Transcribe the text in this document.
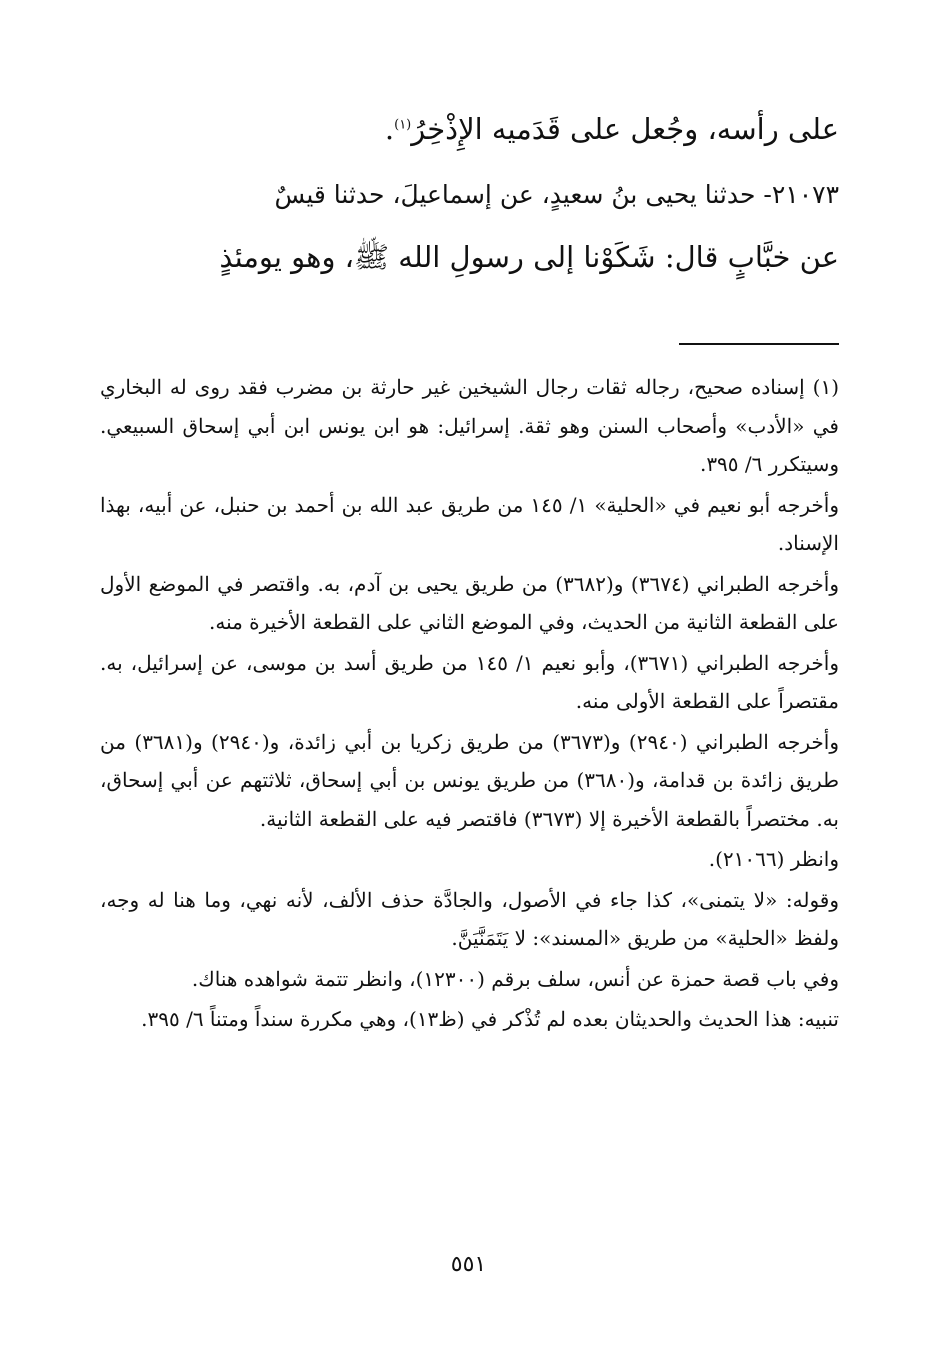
على رأسه، وجُعل على قَدَميه الإِذْخِرُ$^{(١)}$.
٢١٠٧٣- حدثنا يحيى بنُ سعيدٍ، عن إسماعيلَ، حدثنا قيسٌ
عن خبَّابٍ قال: شَكَوْنا إلى رسولِ الله ﷺ، وهو يومئذٍ

(١) إسناده صحيح، رجاله ثقات رجال الشيخين غير حارثة بن مضرب فقد روى له البخاري في «الأدب» وأصحاب السنن وهو ثقة. إسرائيل: هو ابن يونس ابن أبي إسحاق السبيعي. وسيتكرر ٦/ ٣٩٥.

وأخرجه أبو نعيم في «الحلية» ١/ ١٤٥ من طريق عبد الله بن أحمد بن حنبل، عن أبيه، بهذا الإسناد.

وأخرجه الطبراني (٣٦٧٤) و(٣٦٨٢) من طريق يحيى بن آدم، به. واقتصر في الموضع الأول على القطعة الثانية من الحديث، وفي الموضع الثاني على القطعة الأخيرة منه.

وأخرجه الطبراني (٣٦٧١)، وأبو نعيم ١/ ١٤٥ من طريق أسد بن موسى، عن إسرائيل، به. مقتصراً على القطعة الأولى منه.

وأخرجه الطبراني (٢٩٤٠) و(٣٦٧٣) من طريق زكريا بن أبي زائدة، و(٢٩٤٠) و(٣٦٨١) من طريق زائدة بن قدامة، و(٣٦٨٠) من طريق يونس بن أبي إسحاق، ثلاثتهم عن أبي إسحاق، به. مختصراً بالقطعة الأخيرة إلا (٣٦٧٣) فاقتصر فيه على القطعة الثانية.

وانظر (٢١٠٦٦).

وقوله: «لا يتمنى»، كذا جاء في الأصول، والجادَّة حذف الألف، لأنه نهي، وما هنا له وجه، ولفظ «الحلية» من طريق «المسند»: لا يَتَمَنَّيَنَّ.

وفي باب قصة حمزة عن أنس، سلف برقم (١٢٣٠٠)، وانظر تتمة شواهده هناك.

تنبيه: هذا الحديث والحديثان بعده لم تُذْكر في (ظ١٣)، وهي مكررة سنداً ومتناً ٦/ ٣٩٥.

٥٥١
